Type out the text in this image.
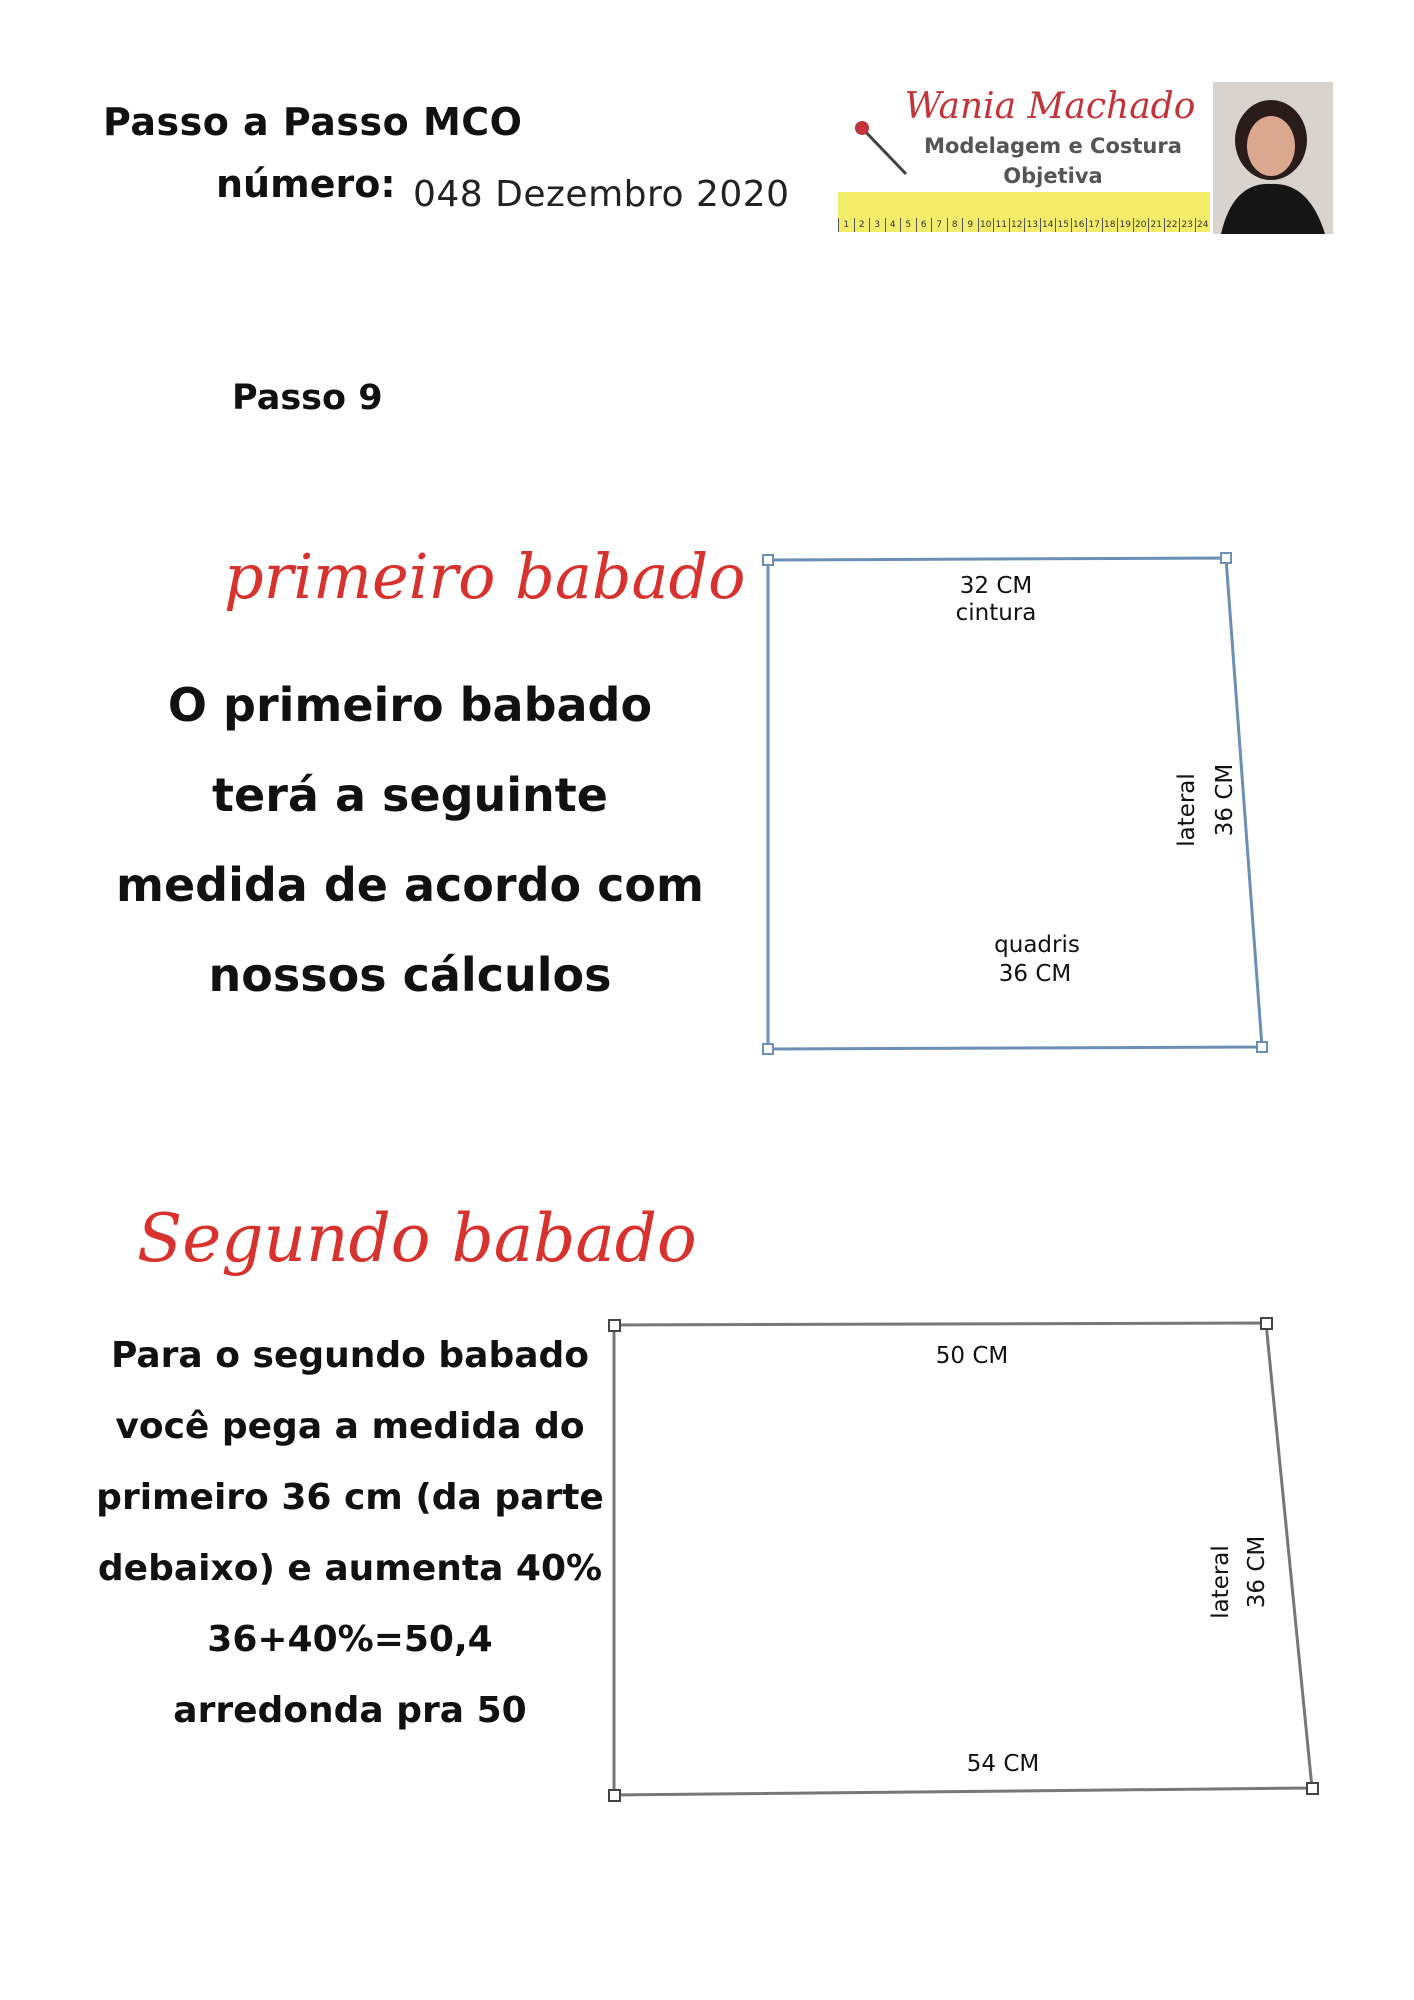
Passo a Passo MCO
número: 048 Dezembro 2020
Wania Machado
Modelagem e Costura
Objetiva
1	2	3	4	5	6	7	8	9 10 11 12 13 14 15 16 17 18 19 20 21 22 23 24
Passo 9
primeiro babado
O primeiro babado
terá a seguinte
medida de acordo com
nossos cálculos
Segundo babado
Para o segundo babado
você pega a medida do
primeiro 36 cm (da parte
debaixo) e aumenta 40%
36+40%=50,4
arredonda pra 50
32 CM
cintura
lateral 36 CM
quadris
36 CM
50 CM
lateral 36 CM
54 CM
